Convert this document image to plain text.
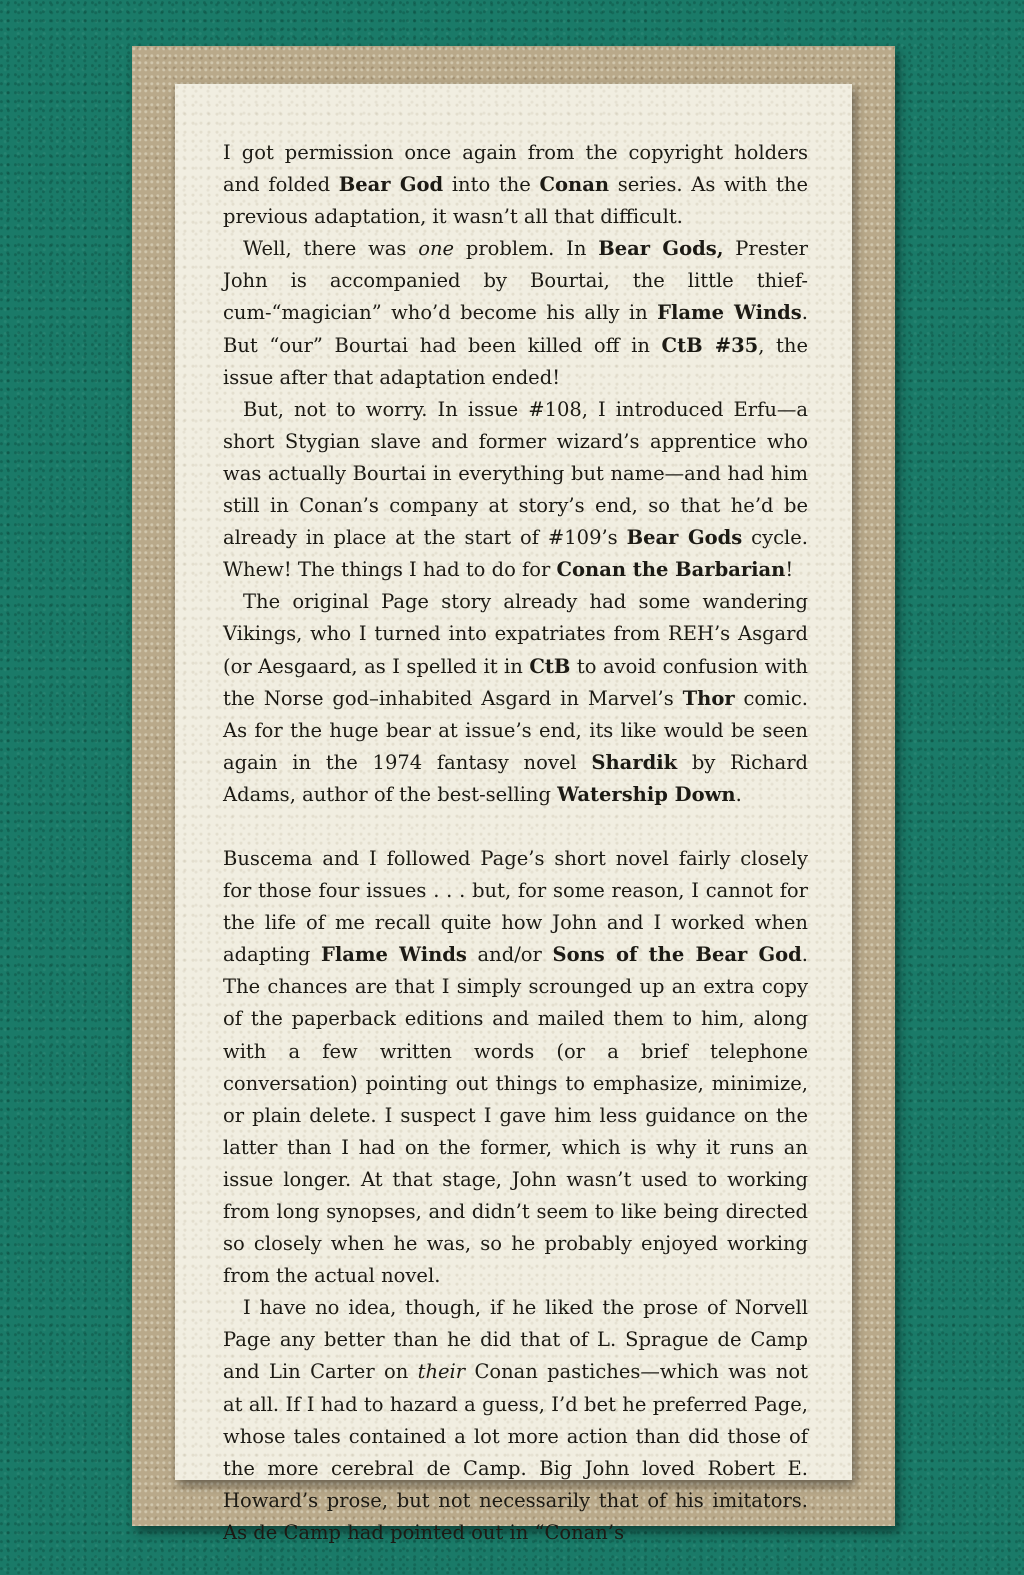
I got permission once again from the copyright holders and folded Bear God into the Conan series. As with the previous adaptation, it wasn’t all that difficult.

Well, there was one problem. In Bear Gods, Prester John is accompanied by Bourtai, the little thief-cum-“magician” who’d become his ally in Flame Winds. But “our” Bourtai had been killed off in CtB #35, the issue after that adaptation ended!

But, not to worry. In issue #108, I introduced Erfu—a short Stygian slave and former wizard’s apprentice who was actually Bourtai in everything but name—and had him still in Conan’s company at story’s end, so that he’d be already in place at the start of #109’s Bear Gods cycle. Whew! The things I had to do for Conan the Barbarian!

The original Page story already had some wandering Vikings, who I turned into expatriates from REH’s Asgard (or Aesgaard, as I spelled it in CtB to avoid confusion with the Norse god–inhabited Asgard in Marvel’s Thor comic. As for the huge bear at issue’s end, its like would be seen again in the 1974 fantasy novel Shardik by Richard Adams, author of the best-selling Watership Down.

Buscema and I followed Page’s short novel fairly closely for those four issues . . . but, for some reason, I cannot for the life of me recall quite how John and I worked when adapting Flame Winds and/or Sons of the Bear God. The chances are that I simply scrounged up an extra copy of the paperback editions and mailed them to him, along with a few written words (or a brief telephone conversation) pointing out things to emphasize, minimize, or plain delete. I suspect I gave him less guidance on the latter than I had on the former, which is why it runs an issue longer. At that stage, John wasn’t used to working from long synopses, and didn’t seem to like being directed so closely when he was, so he probably enjoyed working from the actual novel.

I have no idea, though, if he liked the prose of Norvell Page any better than he did that of L. Sprague de Camp and Lin Carter on their Conan pastiches—which was not at all. If I had to hazard a guess, I’d bet he preferred Page, whose tales contained a lot more action than did those of the more cerebral de Camp. Big John loved Robert E. Howard’s prose, but not necessarily that of his imitators. As de Camp had pointed out in “Conan’s
